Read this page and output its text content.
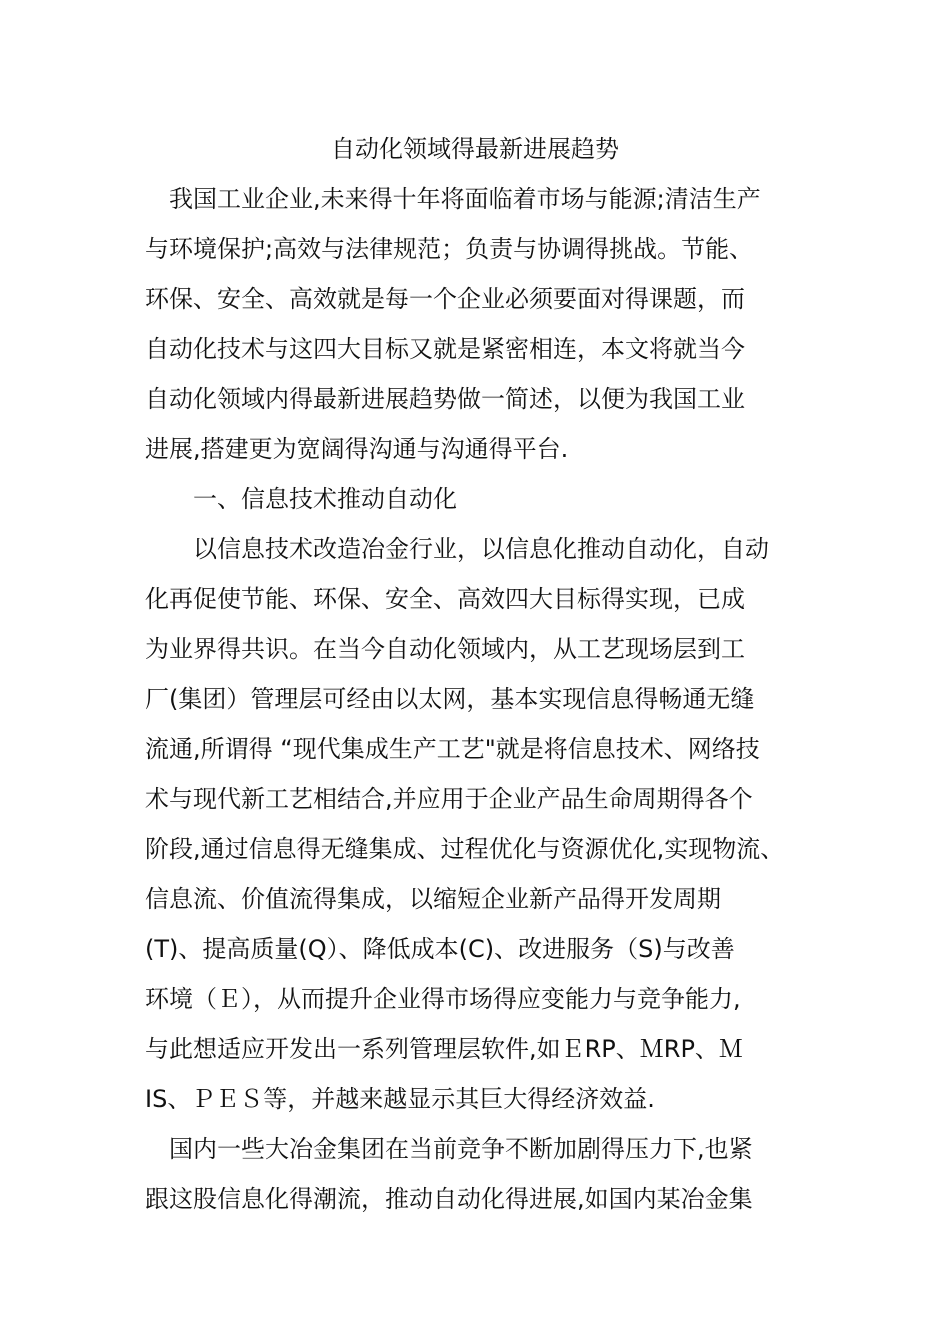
自动化领域得最新进展趋势
　我国工业企业,未来得十年将面临着市场与能源;清洁生产
与环境保护;高效与法律规范；负责与协调得挑战。节能、
环保、安全、高效就是每一个企业必须要面对得课题，而
自动化技术与这四大目标又就是紧密相连，本文将就当今
自动化领域内得最新进展趋势做一简述，以便为我国工业
进展,搭建更为宽阔得沟通与沟通得平台.
　　一、信息技术推动自动化
　　以信息技术改造冶金行业，以信息化推动自动化，自动
化再促使节能、环保、安全、高效四大目标得实现，已成
为业界得共识。在当今自动化领域内，从工艺现场层到工
厂(集团）管理层可经由以太网，基本实现信息得畅通无缝
流通,所谓得 “现代集成生产工艺"就是将信息技术、网络技
术与现代新工艺相结合,并应用于企业产品生命周期得各个
阶段,通过信息得无缝集成、过程优化与资源优化,实现物流、
信息流、价值流得集成，以缩短企业新产品得开发周期
(T)、提高质量(Q）、降低成本(C)、改进服务（S)与改善
环境（Ｅ），从而提升企业得市场得应变能力与竞争能力,
与此想适应开发出一系列管理层软件,如ＥRP、ＭRP、Ｍ
IS、ＰＥＳ等，并越来越显示其巨大得经济效益.
　国内一些大冶金集团在当前竞争不断加剧得压力下,也紧
跟这股信息化得潮流，推动自动化得进展,如国内某冶金集
